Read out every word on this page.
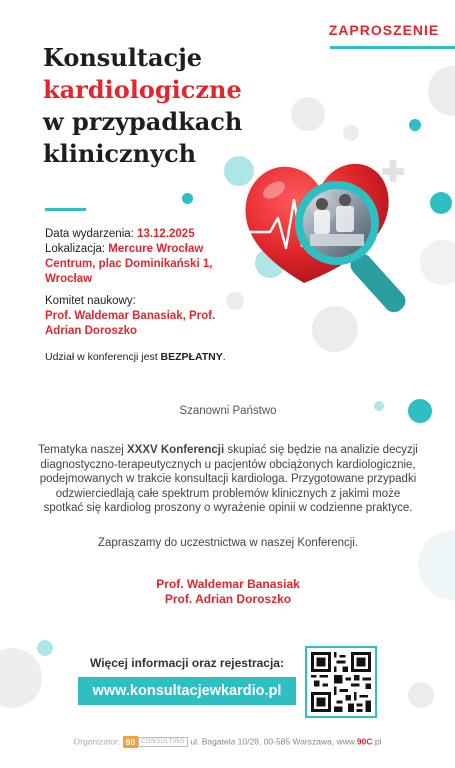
ZAPROSZENIE
Konsultacje
kardiologiczne
w przypadkach
klinicznych
Data wydarzenia: 13.12.2025
Lokalizacja: Mercure Wrocław Centrum, plac Dominikański 1, Wrocław
Komitet naukowy:
Prof. Waldemar Banasiak, Prof. Adrian Doroszko
Udział w konferencji jest BEZPŁATNY.
Szanowni Państwo
Tematyka naszej XXXV Konferencji skupiać się będzie na analizie decyzji diagnostyczno-terapeutycznych u pacjentów obciążonych kardiologicznie, podejmowanych w trakcie konsultacji kardiologa. Przygotowane przypadki odzwierciedlają całe spektrum problemów klinicznych z jakimi może spotkać się kardiolog proszony o wyrażenie opinii w codzienne praktyce.
Zapraszamy do uczestnictwa w naszej Konferencji.
Prof. Waldemar Banasiak
Prof. Adrian Doroszko
Więcej informacji oraz rejestracja:
www.konsultacjewkardio.pl
Organizator: 90 CONSULTING ul. Bagatela 10/28, 00-585 Warszawa, www.90C.pl
